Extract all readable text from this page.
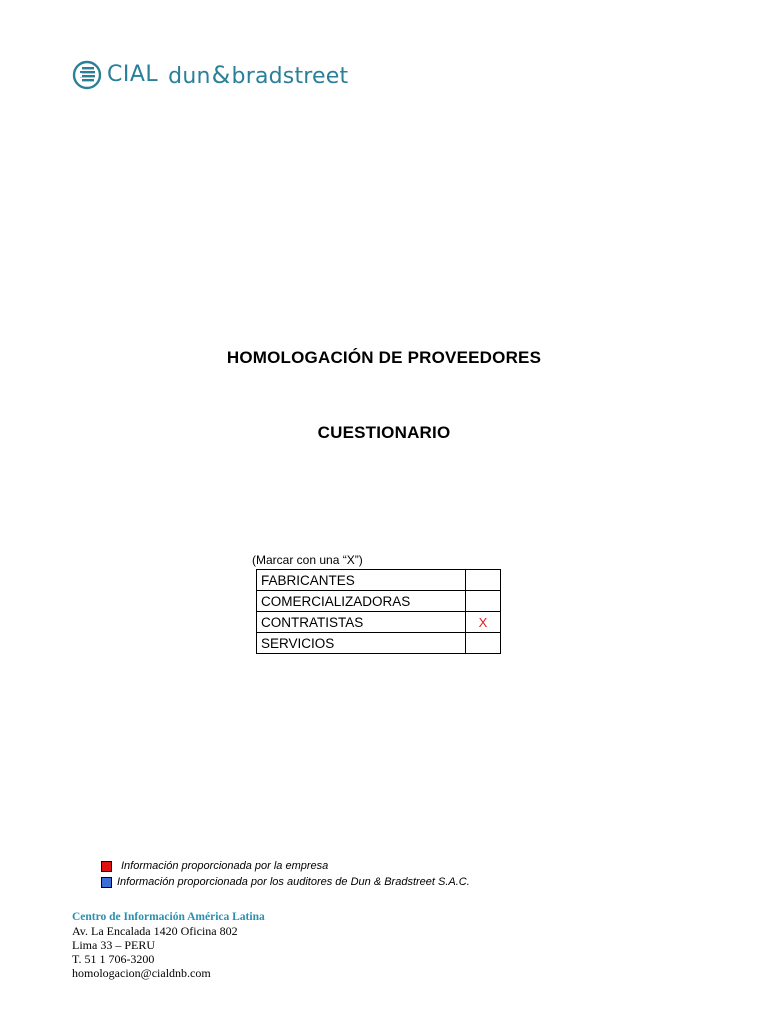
CIAL dun&bradstreet
HOMOLOGACIÓN DE PROVEEDORES
CUESTIONARIO
(Marcar con una “X”)
FABRICANTES	
COMERCIALIZADORAS	
CONTRATISTAS	X
SERVICIOS	
Información proporcionada por la empresa
Información proporcionada por los auditores de Dun & Bradstreet S.A.C.
Centro de Información América Latina
Av. La Encalada 1420 Oficina 802
Lima 33 – PERU
T. 51 1 706-3200
homologacion@cialdnb.com
